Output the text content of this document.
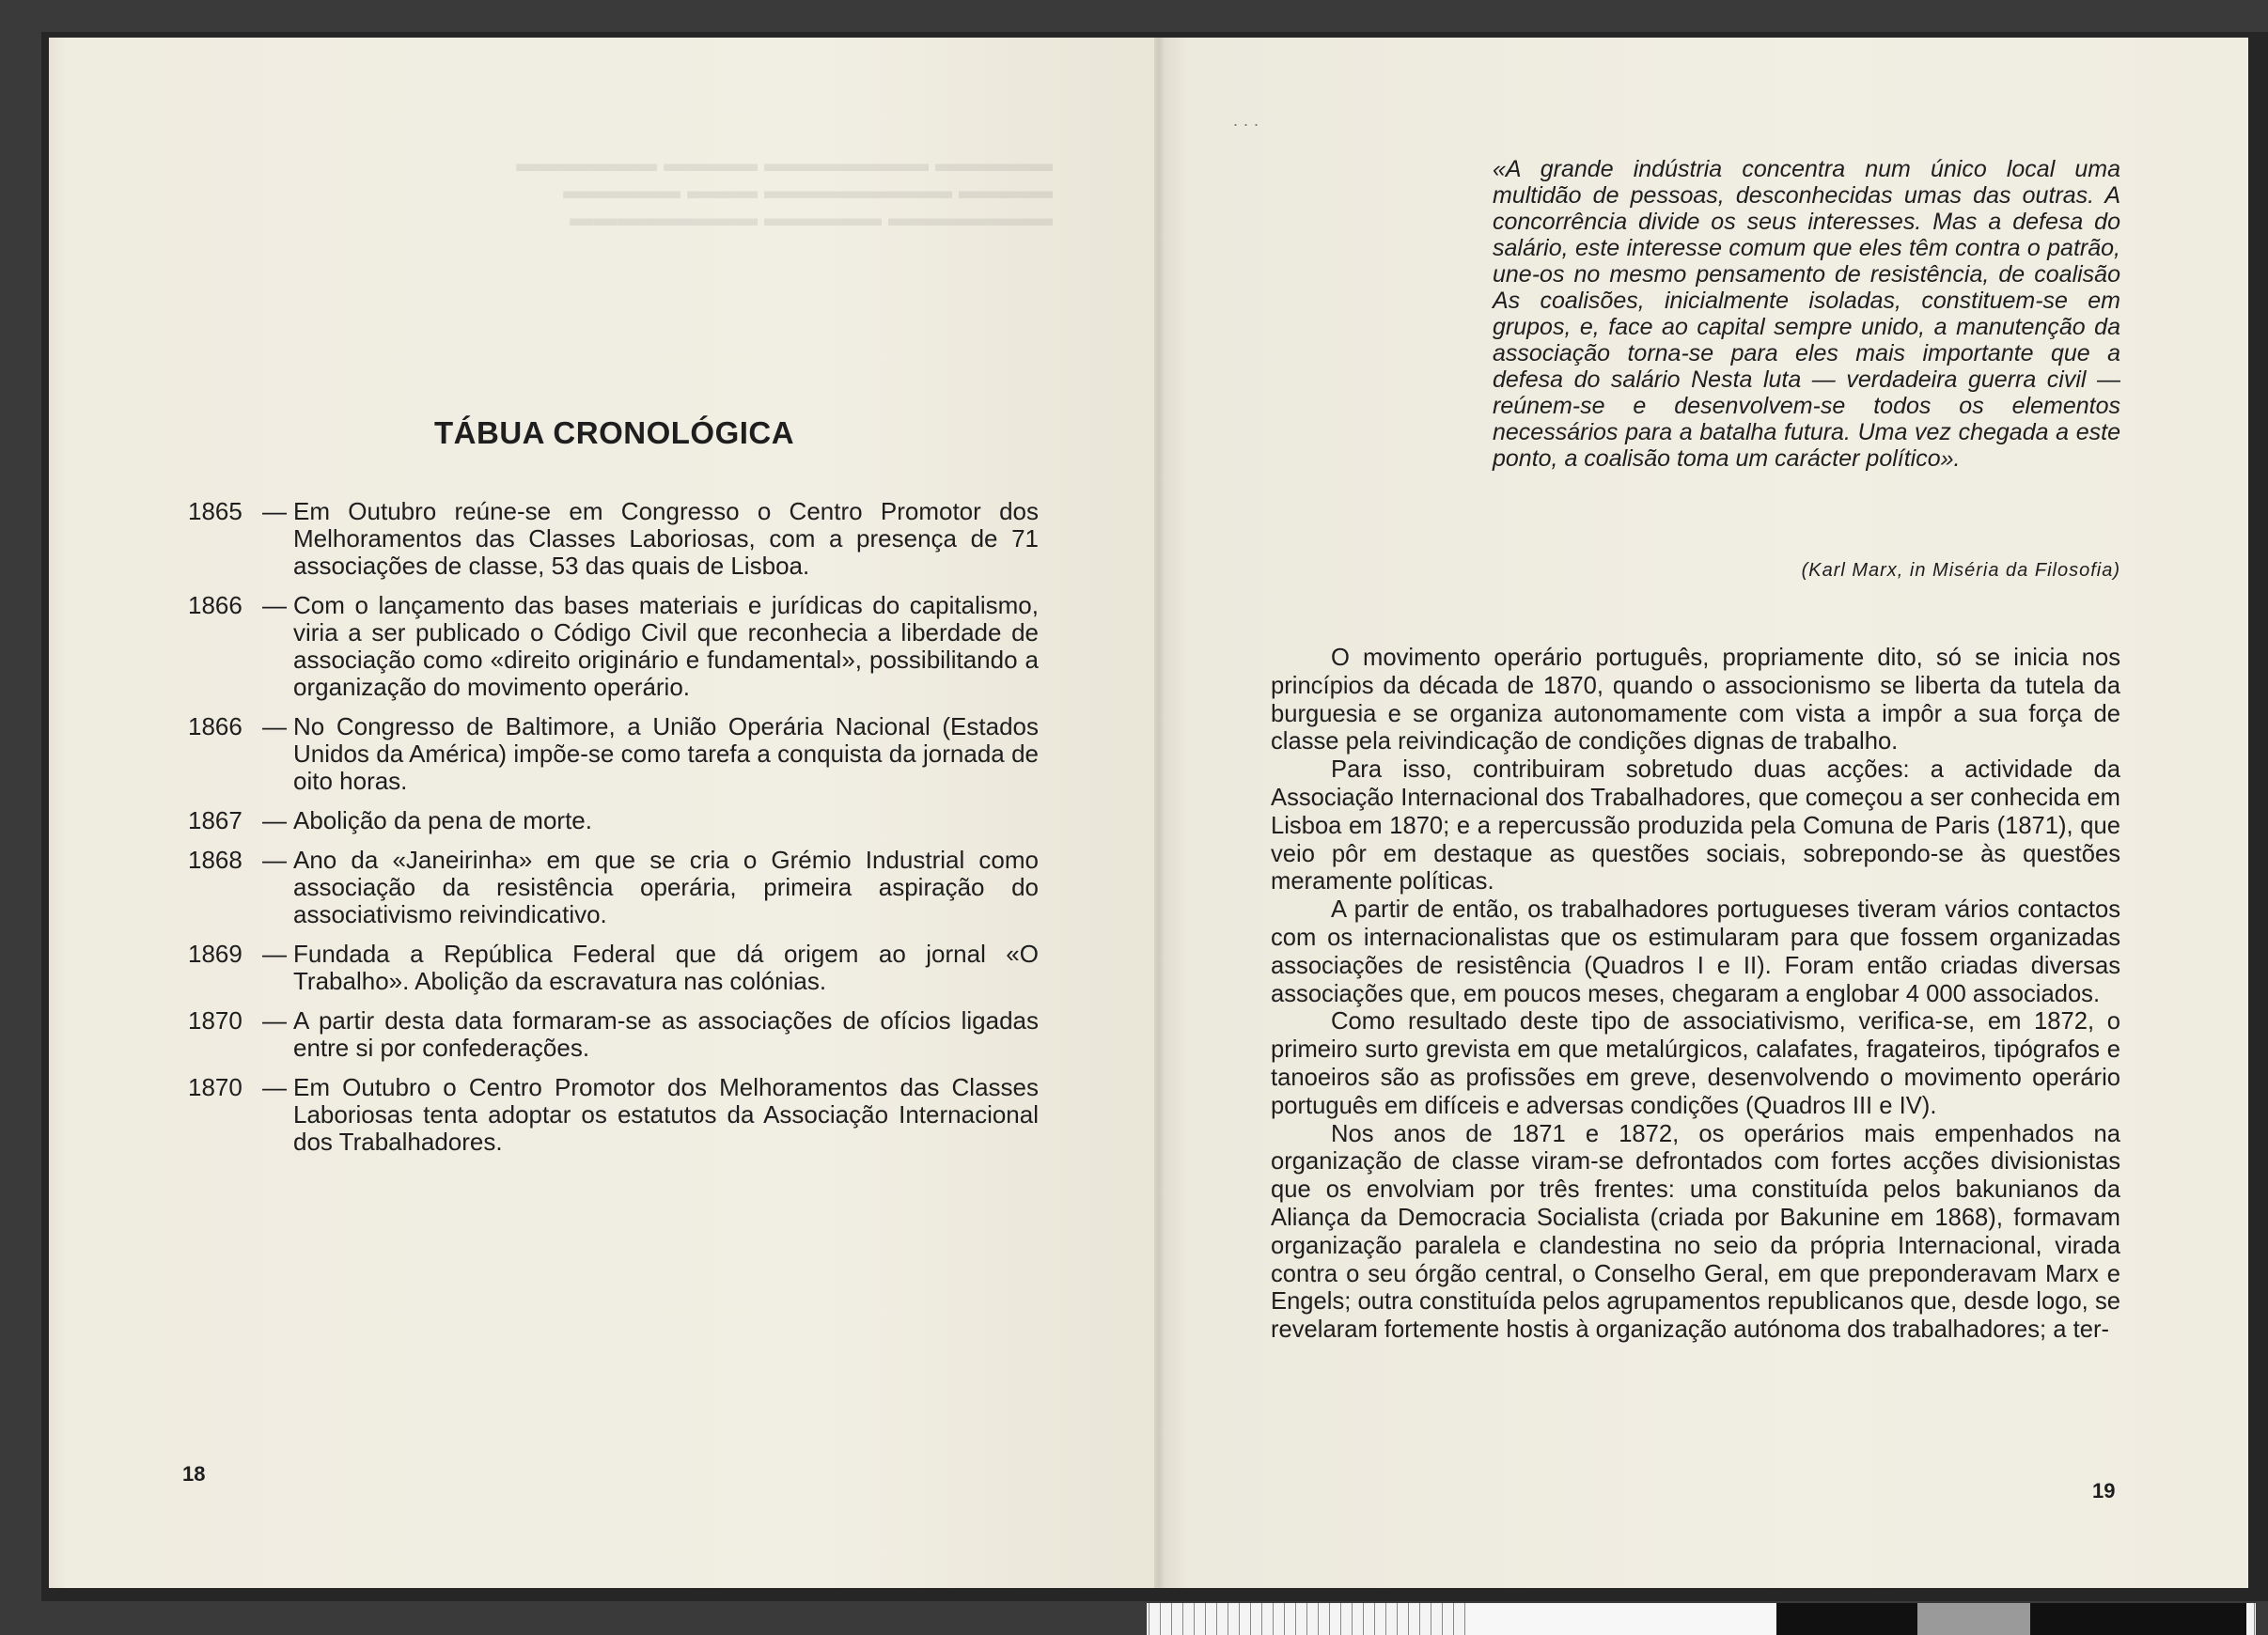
TÁBUA CRONOLÓGICA
1865 — Em Outubro reúne-se em Congresso o Centro Promotor dos Melhoramentos das Classes Laboriosas, com a presença de 71 associações de classe, 53 das quais de Lisboa.
1866 — Com o lançamento das bases materiais e jurídicas do capitalismo, viria a ser publicado o Código Civil que reconhecia a liberdade de associação como «direito originário e fundamental», possibilitando a organização do movimento operário.
1866 — No Congresso de Baltimore, a União Operária Nacional (Estados Unidos da América) impõe-se como tarefa a conquista da jornada de oito horas.
1867 — Abolição da pena de morte.
1868 — Ano da «Janeirinha» em que se cria o Grémio Industrial como associação da resistência operária, primeira aspiração do associativismo reivindicativo.
1869 — Fundada a República Federal que dá origem ao jornal «O Trabalho». Abolição da escravatura nas colónias.
1870 — A partir desta data formaram-se as associações de ofícios ligadas entre si por confederações.
1870 — Em Outubro o Centro Promotor dos Melhoramentos das Classes Laboriosas tenta adoptar os estatutos da Associação Internacional dos Trabalhadores.
18
...

«A grande indústria concentra num único local uma multidão de pessoas, desconhecidas umas das outras. A concorrência divide os seus interesses. Mas a defesa do salário, este interesse comum que eles têm contra o patrão, une-os no mesmo pensamento de resistência, de coalisão As coalisões, inicialmente isoladas, constituem-se em grupos, e, face ao capital sempre unido, a manutenção da associação torna-se para eles mais importante que a defesa do salário Nesta luta — verdadeira guerra civil — reúnem-se e desenvolvem-se todos os elementos necessários para a batalha futura. Uma vez chegada a este ponto, a coalisão toma um carácter político».

(Karl Marx, in Miséria da Filosofia)

O movimento operário português, propriamente dito, só se inicia nos princípios da década de 1870, quando o associonismo se liberta da tutela da burguesia e se organiza autonomamente com vista a impôr a sua força de classe pela reivindicação de condições dignas de trabalho.

Para isso, contribuiram sobretudo duas acções: a actividade da Associação Internacional dos Trabalhadores, que começou a ser conhecida em Lisboa em 1870; e a repercussão produzida pela Comuna de Paris (1871), que veio pôr em destaque as questões sociais, sobrepondo-se às questões meramente políticas.

A partir de então, os trabalhadores portugueses tiveram vários contactos com os internacionalistas que os estimularam para que fossem organizadas associações de resistência (Quadros I e II). Foram então criadas diversas associações que, em poucos meses, chegaram a englobar 4 000 associados.

Como resultado deste tipo de associativismo, verifica-se, em 1872, o primeiro surto grevista em que metalúrgicos, calafates, fragateiros, tipógrafos e tanoeiros são as profissões em greve, desenvolvendo o movimento operário português em difíceis e adversas condições (Quadros III e IV).

Nos anos de 1871 e 1872, os operários mais empenhados na organização de classe viram-se defrontados com fortes acções divisionistas que os envolviam por três frentes: uma constituída pelos bakunianos da Aliança da Democracia Socialista (criada por Bakunine em 1868), formavam organização paralela e clandestina no seio da própria Internacional, virada contra o seu órgão central, o Conselho Geral, em que preponderavam Marx e Engels; outra constituída pelos agrupamentos republicanos que, desde logo, se revelaram fortemente hostis à organização autónoma dos trabalhadores; a ter-

19
